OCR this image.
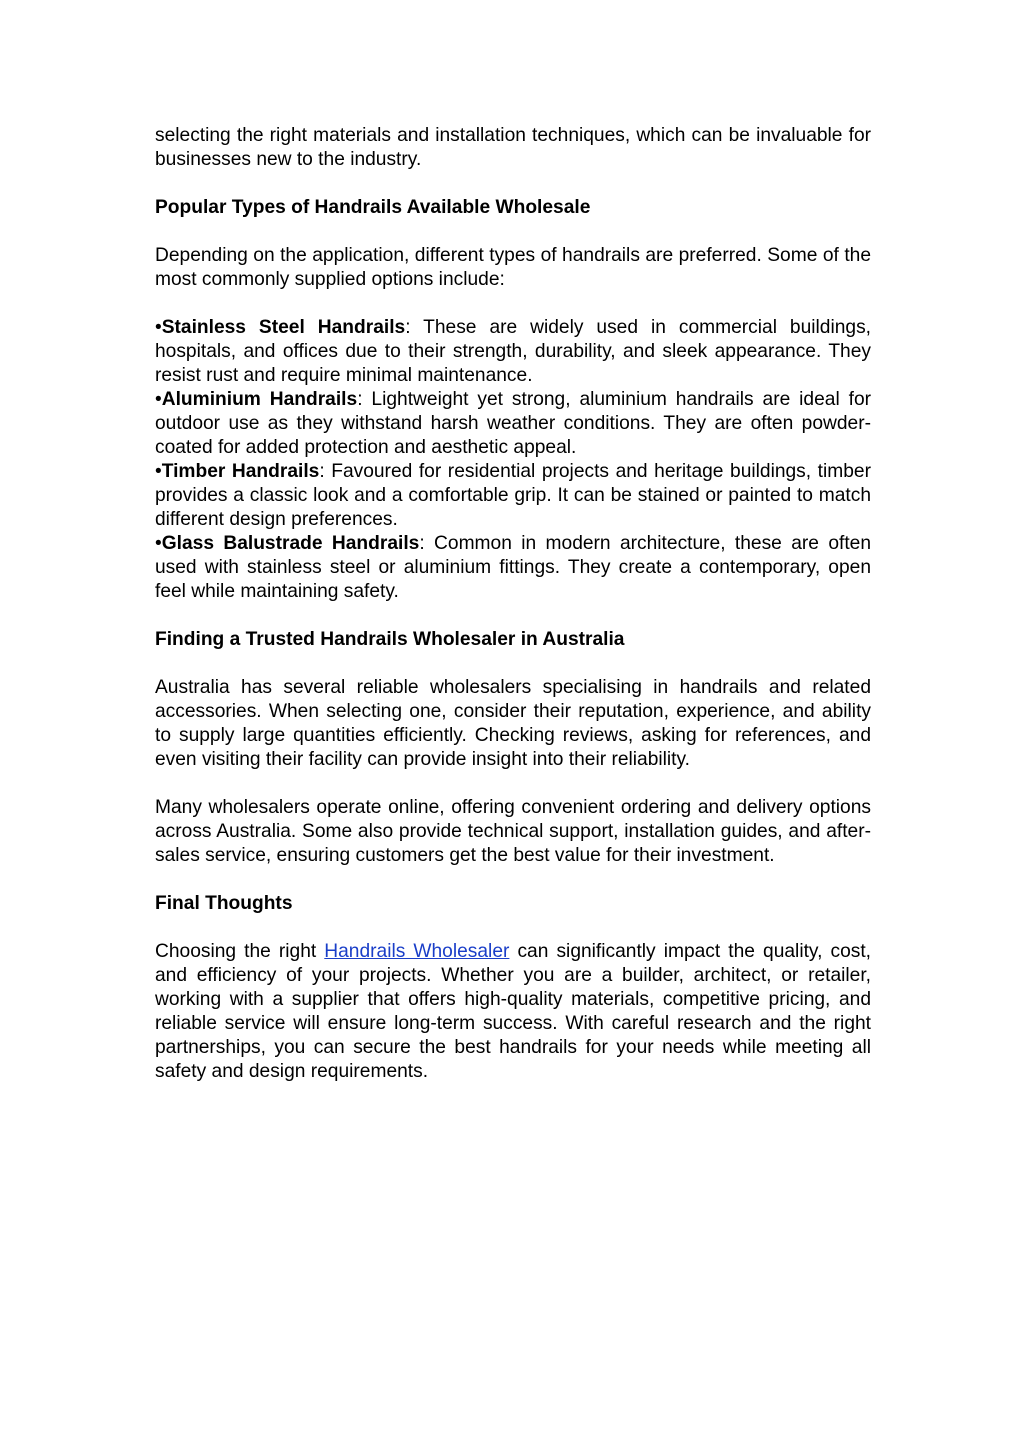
selecting the right materials and installation techniques, which can be invaluable for businesses new to the industry.

Popular Types of Handrails Available Wholesale

Depending on the application, different types of handrails are preferred. Some of the most commonly supplied options include:

•Stainless Steel Handrails: These are widely used in commercial buildings, hospitals, and offices due to their strength, durability, and sleek appearance. They resist rust and require minimal maintenance.

•Aluminium Handrails: Lightweight yet strong, aluminium handrails are ideal for outdoor use as they withstand harsh weather conditions. They are often powder-coated for added protection and aesthetic appeal.

•Timber Handrails: Favoured for residential projects and heritage buildings, timber provides a classic look and a comfortable grip. It can be stained or painted to match different design preferences.

•Glass Balustrade Handrails: Common in modern architecture, these are often used with stainless steel or aluminium fittings. They create a contemporary, open feel while maintaining safety.

Finding a Trusted Handrails Wholesaler in Australia

Australia has several reliable wholesalers specialising in handrails and related accessories. When selecting one, consider their reputation, experience, and ability to supply large quantities efficiently. Checking reviews, asking for references, and even visiting their facility can provide insight into their reliability.

Many wholesalers operate online, offering convenient ordering and delivery options across Australia. Some also provide technical support, installation guides, and after-sales service, ensuring customers get the best value for their investment.

Final Thoughts

Choosing the right Handrails Wholesaler can significantly impact the quality, cost, and efficiency of your projects. Whether you are a builder, architect, or retailer, working with a supplier that offers high-quality materials, competitive pricing, and reliable service will ensure long-term success. With careful research and the right partnerships, you can secure the best handrails for your needs while meeting all safety and design requirements.
